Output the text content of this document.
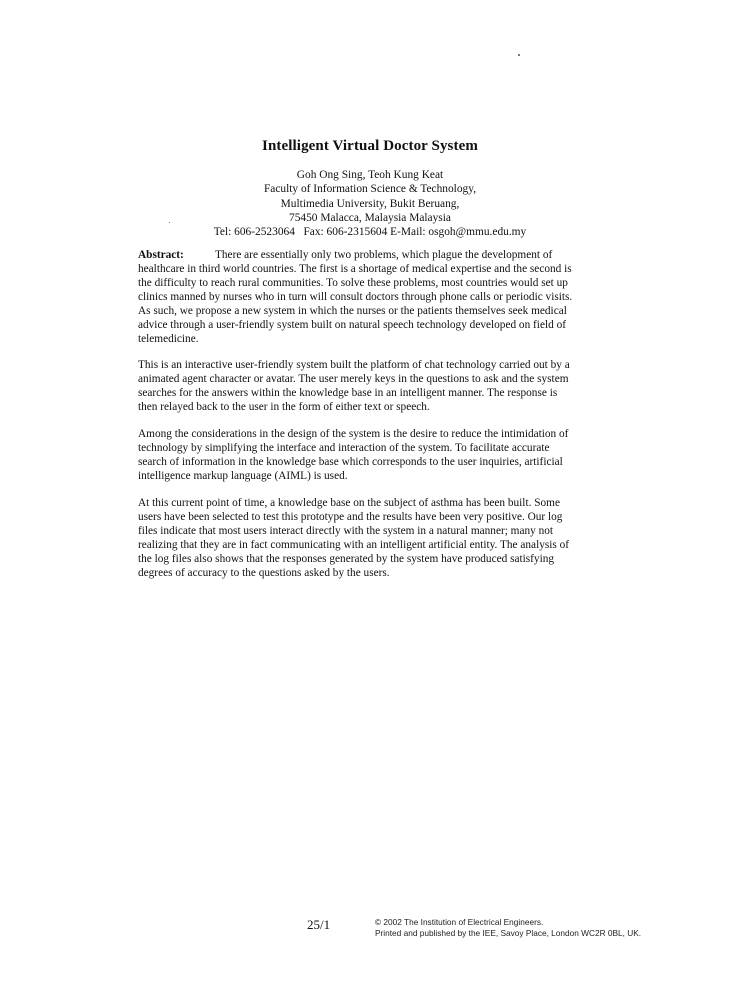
Intelligent Virtual Doctor System
Goh Ong Sing, Teoh Kung Keat
Faculty of Information Science & Technology,
Multimedia University, Bukit Beruang,
75450 Malacca, Malaysia Malaysia
Tel: 606-2523064   Fax: 606-2315604 E-Mail: osgoh@mmu.edu.my
Abstract:	There are essentially only two problems, which plague the development of
healthcare in third world countries. The first is a shortage of medical expertise and the second is
the difficulty to reach rural communities. To solve these problems, most countries would set up
clinics manned by nurses who in turn will consult doctors through phone calls or periodic visits.
As such, we propose a new system in which the nurses or the patients themselves seek medical
advice through a user-friendly system built on natural speech technology developed on field of
telemedicine.
This is an interactive user-friendly system built the platform of chat technology carried out by a
animated agent character or avatar. The user merely keys in the questions to ask and the system
searches for the answers within the knowledge base in an intelligent manner. The response is
then relayed back to the user in the form of either text or speech.
Among the considerations in the design of the system is the desire to reduce the intimidation of
technology by simplifying the interface and interaction of the system. To facilitate accurate
search of information in the knowledge base which corresponds to the user inquiries, artificial
intelligence markup language (AIML) is used.
At this current point of time, a knowledge base on the subject of asthma has been built. Some
users have been selected to test this prototype and the results have been very positive. Our log
files indicate that most users interact directly with the system in a natural manner; many not
realizing that they are in fact communicating with an intelligent artificial entity. The analysis of
the log files also shows that the responses generated by the system have produced satisfying
degrees of accuracy to the questions asked by the users.
25/1	© 2002 The Institution of Electrical Engineers.
Printed and published by the IEE, Savoy Place, London WC2R 0BL, UK.
